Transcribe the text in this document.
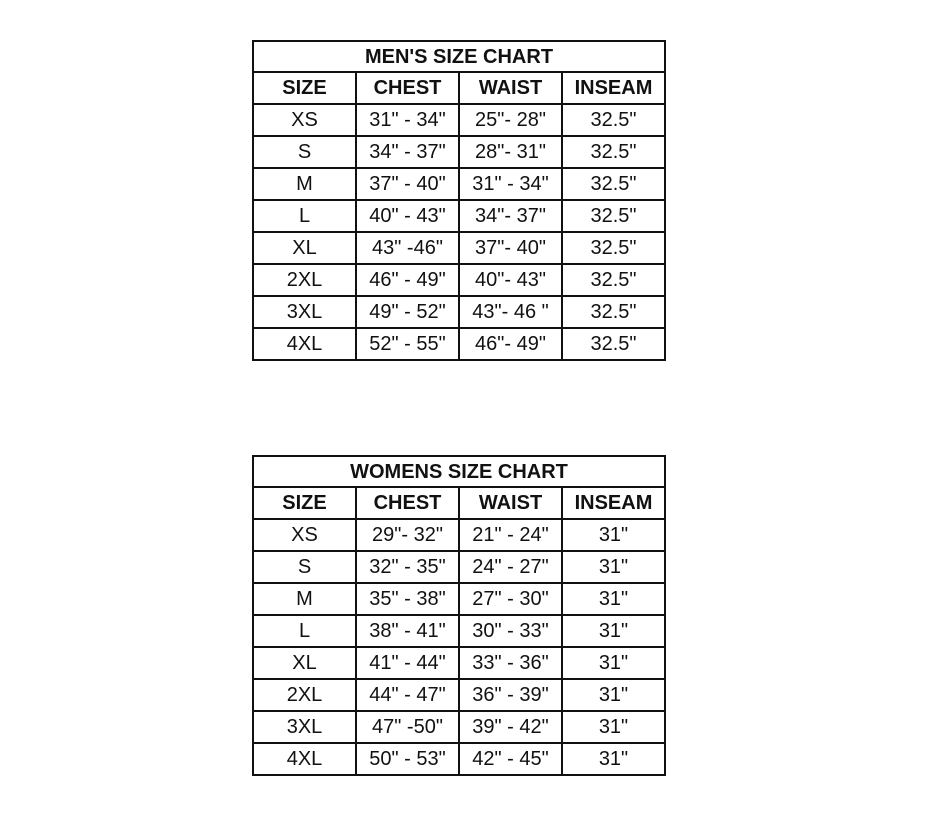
MEN'S SIZE CHART			
SIZE	CHEST	WAIST	INSEAM
XS	31" - 34"	25"- 28"	32.5"
S	34" - 37"	28"- 31"	32.5"
M	37" - 40"	31" - 34"	32.5"
L	40" - 43"	34"- 37"	32.5"
XL	43" -46"	37"- 40"	32.5"
2XL	46" - 49"	40"- 43"	32.5"
3XL	49" - 52"	43"- 46 "	32.5"
4XL	52" - 55"	46"- 49"	32.5"
WOMENS SIZE CHART			
SIZE	CHEST	WAIST	INSEAM
XS	29"- 32"	21" - 24"	31"
S	32" - 35"	24" - 27"	31"
M	35" - 38"	27" - 30"	31"
L	38" - 41"	30" - 33"	31"
XL	41" - 44"	33" - 36"	31"
2XL	44" - 47"	36" - 39"	31"
3XL	47" -50"	39" - 42"	31"
4XL	50" - 53"	42" - 45"	31"
